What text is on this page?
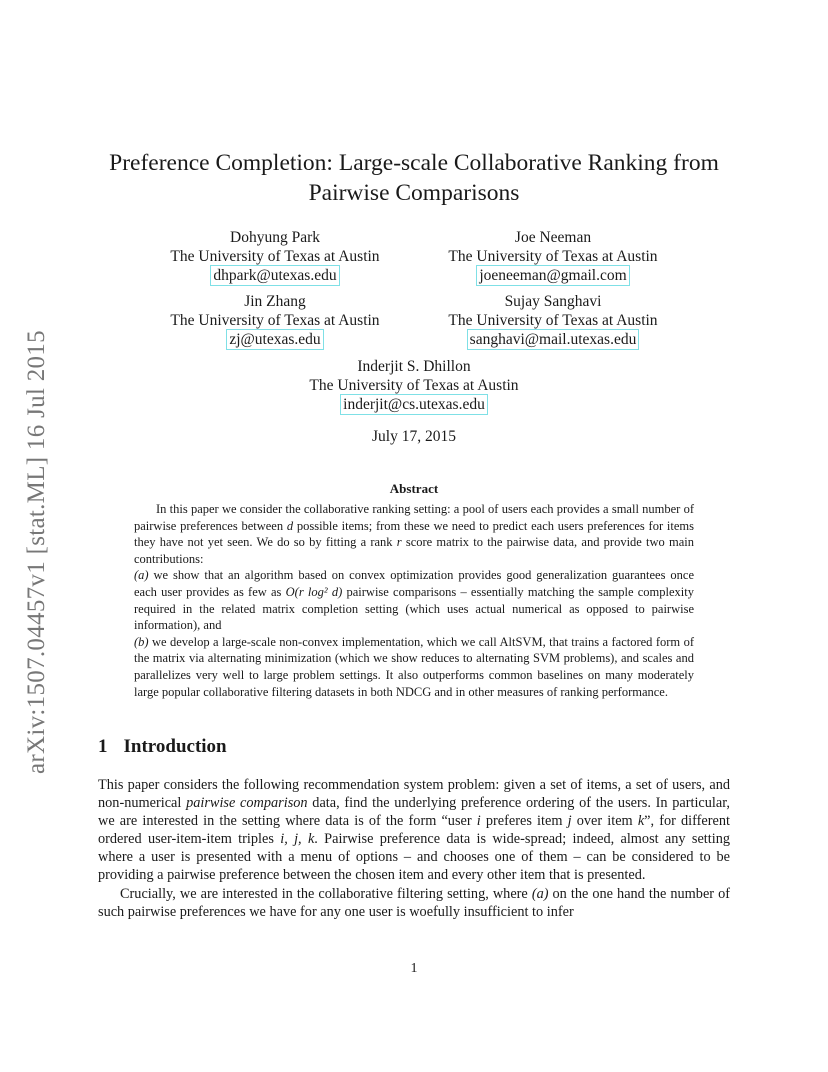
arXiv:1507.04457v1 [stat.ML] 16 Jul 2015
Preference Completion: Large-scale Collaborative Ranking from Pairwise Comparisons
Dohyung Park
The University of Texas at Austin
dhpark@utexas.edu
Joe Neeman
The University of Texas at Austin
joeneeman@gmail.com
Jin Zhang
The University of Texas at Austin
zj@utexas.edu
Sujay Sanghavi
The University of Texas at Austin
sanghavi@mail.utexas.edu
Inderjit S. Dhillon
The University of Texas at Austin
inderjit@cs.utexas.edu
July 17, 2015
Abstract

In this paper we consider the collaborative ranking setting: a pool of users each provides a small number of pairwise preferences between d possible items; from these we need to predict each users preferences for items they have not yet seen. We do so by fitting a rank r score matrix to the pairwise data, and provide two main contributions:

(a) we show that an algorithm based on convex optimization provides good generalization guarantees once each user provides as few as O(r log² d) pairwise comparisons – essentially matching the sample complexity required in the related matrix completion setting (which uses actual numerical as opposed to pairwise information), and

(b) we develop a large-scale non-convex implementation, which we call AltSVM, that trains a factored form of the matrix via alternating minimization (which we show reduces to alternating SVM problems), and scales and parallelizes very well to large problem settings. It also outperforms common baselines on many moderately large popular collaborative filtering datasets in both NDCG and in other measures of ranking performance.

1 Introduction

This paper considers the following recommendation system problem: given a set of items, a set of users, and non-numerical pairwise comparison data, find the underlying preference ordering of the users. In particular, we are interested in the setting where data is of the form “user i preferes item j over item k”, for different ordered user-item-item triples i, j, k. Pairwise preference data is wide-spread; indeed, almost any setting where a user is presented with a menu of options – and chooses one of them – can be considered to be providing a pairwise preference between the chosen item and every other item that is presented.

Crucially, we are interested in the collaborative filtering setting, where (a) on the one hand the number of such pairwise preferences we have for any one user is woefully insufficient to infer

1
